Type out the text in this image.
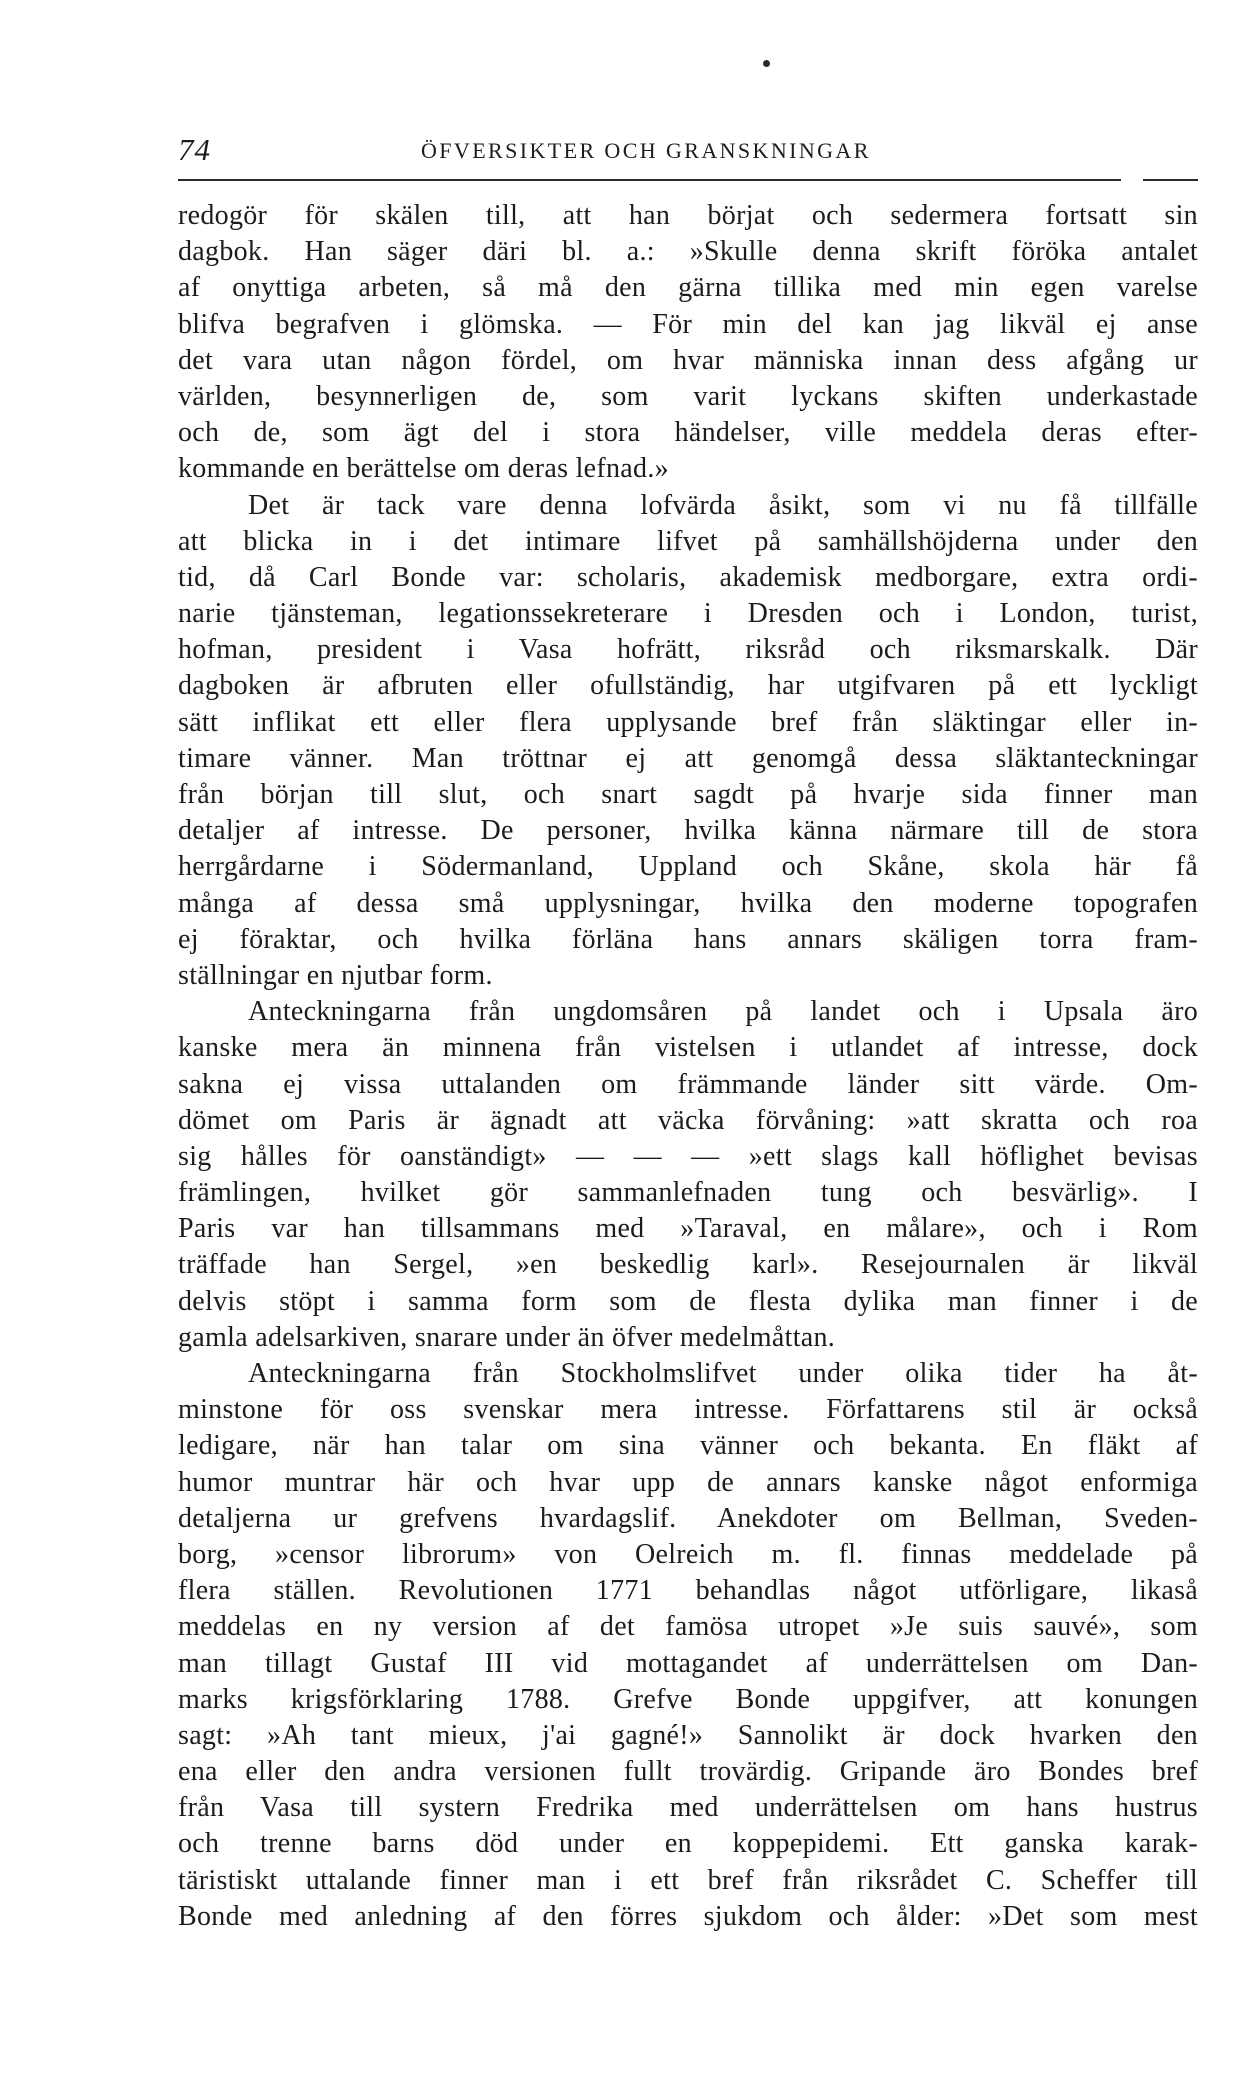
74	ÖFVERSIKTER OCH GRANSKNINGAR
redogör för skälen till, att han börjat och sedermera fortsatt sin
dagbok. Han säger däri bl. a.: »Skulle denna skrift föröka antalet
af onyttiga arbeten, så må den gärna tillika med min egen varelse
blifva begrafven i glömska. — För min del kan jag likväl ej anse
det vara utan någon fördel, om hvar människa innan dess afgång ur
världen, besynnerligen de, som varit lyckans skiften underkastade
och de, som ägt del i stora händelser, ville meddela deras efter-
kommande en berättelse om deras lefnad.»
Det är tack vare denna lofvärda åsikt, som vi nu få tillfälle
att blicka in i det intimare lifvet på samhällshöjderna under den
tid, då Carl Bonde var: scholaris, akademisk medborgare, extra ordi-
narie tjänsteman, legationssekreterare i Dresden och i London, turist,
hofman, president i Vasa hofrätt, riksråd och riksmarskalk. Där
dagboken är afbruten eller ofullständig, har utgifvaren på ett lyckligt
sätt inflikat ett eller flera upplysande bref från släktingar eller in-
timare vänner. Man tröttnar ej att genomgå dessa släktanteckningar
från början till slut, och snart sagdt på hvarje sida finner man
detaljer af intresse. De personer, hvilka känna närmare till de stora
herrgårdarne i Södermanland, Uppland och Skåne, skola här få
många af dessa små upplysningar, hvilka den moderne topografen
ej föraktar, och hvilka förläna hans annars skäligen torra fram-
ställningar en njutbar form.
Anteckningarna från ungdomsåren på landet och i Upsala äro
kanske mera än minnena från vistelsen i utlandet af intresse, dock
sakna ej vissa uttalanden om främmande länder sitt värde. Om-
dömet om Paris är ägnadt att väcka förvåning: »att skratta och roa
sig hålles för oanständigt» — — — »ett slags kall höflighet bevisas
främlingen, hvilket gör sammanlefnaden tung och besvärlig». I
Paris var han tillsammans med »Taraval, en målare», och i Rom
träffade han Sergel, »en beskedlig karl». Resejournalen är likväl
delvis stöpt i samma form som de flesta dylika man finner i de
gamla adelsarkiven, snarare under än öfver medelmåttan.
Anteckningarna från Stockholmslifvet under olika tider ha åt-
minstone för oss svenskar mera intresse. Författarens stil är också
ledigare, när han talar om sina vänner och bekanta. En fläkt af
humor muntrar här och hvar upp de annars kanske något enformiga
detaljerna ur grefvens hvardagslif. Anekdoter om Bellman, Sveden-
borg, »censor librorum» von Oelreich m. fl. finnas meddelade på
flera ställen. Revolutionen 1771 behandlas något utförligare, likaså
meddelas en ny version af det famösa utropet »Je suis sauvé», som
man tillagt Gustaf III vid mottagandet af underrättelsen om Dan-
marks krigsförklaring 1788. Grefve Bonde uppgifver, att konungen
sagt: »Ah tant mieux, j'ai gagné!» Sannolikt är dock hvarken den
ena eller den andra versionen fullt trovärdig. Gripande äro Bondes bref
från Vasa till systern Fredrika med underrättelsen om hans hustrus
och trenne barns död under en koppepidemi. Ett ganska karak-
täristiskt uttalande finner man i ett bref från riksrådet C. Scheffer till
Bonde med anledning af den förres sjukdom och ålder: »Det som mest
